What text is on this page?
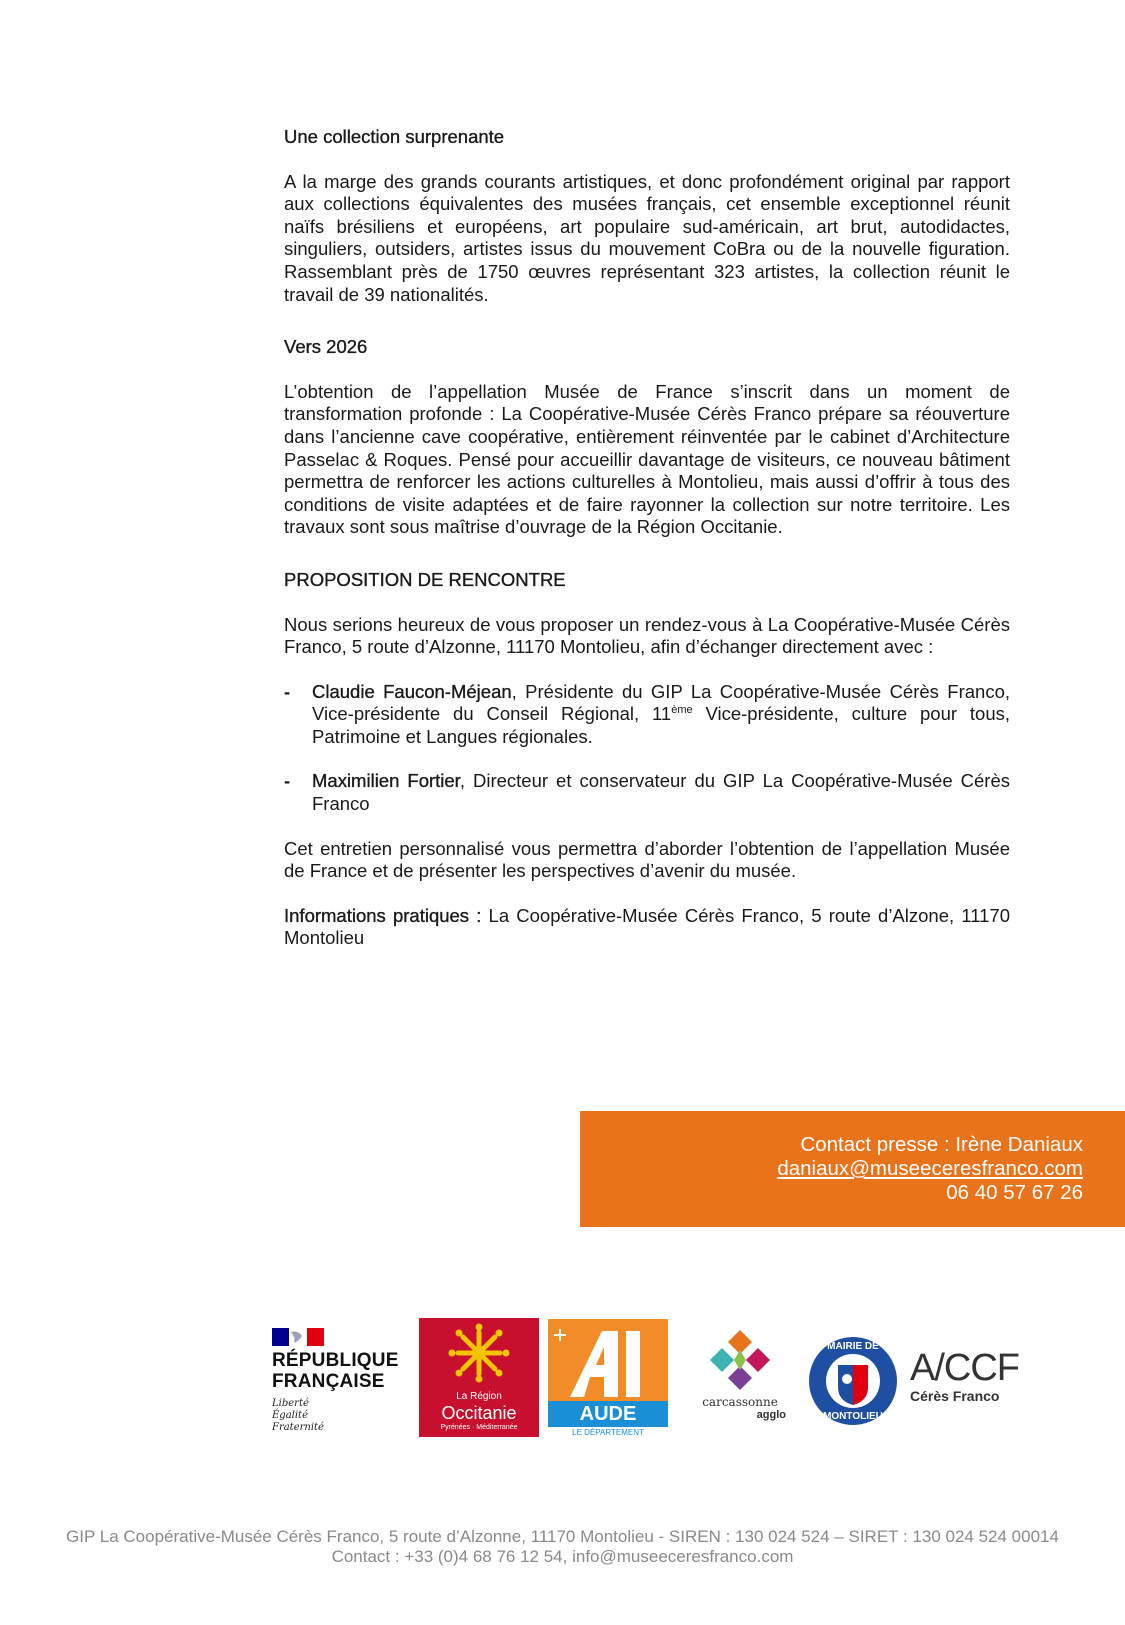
Une collection surprenante

A la marge des grands courants artistiques, et donc profondément original par rapport aux collections équivalentes des musées français, cet ensemble exceptionnel réunit naïfs brésiliens et européens, art populaire sud-américain, art brut, autodidactes, singuliers, outsiders, artistes issus du mouvement CoBra ou de la nouvelle figuration. Rassemblant près de 1750 œuvres représentant 323 artistes, la collection réunit le travail de 39 nationalités.

Vers 2026

L’obtention de l’appellation Musée de France s’inscrit dans un moment de transformation profonde : La Coopérative-Musée Cérès Franco prépare sa réouverture dans l’ancienne cave coopérative, entièrement réinventée par le cabinet d’Architecture Passelac & Roques. Pensé pour accueillir davantage de visiteurs, ce nouveau bâtiment permettra de renforcer les actions culturelles à Montolieu, mais aussi d’offrir à tous des conditions de visite adaptées et de faire rayonner la collection sur notre territoire. Les travaux sont sous maîtrise d’ouvrage de la Région Occitanie.

PROPOSITION DE RENCONTRE

Nous serions heureux de vous proposer un rendez-vous à La Coopérative-Musée Cérès Franco, 5 route d’Alzonne, 11170 Montolieu, afin d’échanger directement avec :

- Claudie Faucon-Méjean, Présidente du GIP La Coopérative-Musée Cérès Franco, Vice-présidente du Conseil Régional, 11ème Vice-présidente, culture pour tous, Patrimoine et Langues régionales.

- Maximilien Fortier, Directeur et conservateur du GIP La Coopérative-Musée Cérès Franco

Cet entretien personnalisé vous permettra d’aborder l’obtention de l’appellation Musée de France et de présenter les perspectives d’avenir du musée.

Informations pratiques : La Coopérative-Musée Cérès Franco, 5 route d’Alzone, 11170 Montolieu

Contact presse : Irène Daniaux
daniaux@museeceresfranco.com
06 40 57 67 26
RÉPUBLIQUE
FRANÇAISE
Liberté
Égalité
Fraternité
La Région
Occitanie
Pyrénées · Méditerranée
AUDE
LE DÉPARTEMENT
carcassonne
agglo
MAIRIE DE
MONTOLIEU
A/CCF
Cérès Franco
GIP La Coopérative-Musée Cérès Franco, 5 route d’Alzonne, 11170 Montolieu - SIREN : 130 024 524 – SIRET : 130 024 524 00014
Contact : +33 (0)4 68 76 12 54, info@museeceresfranco.com
